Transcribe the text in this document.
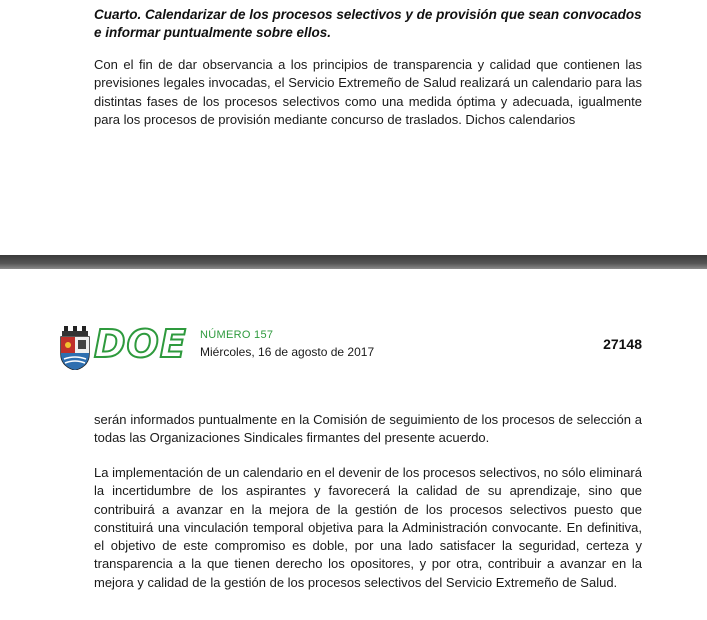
Cuarto. Calendarizar de los procesos selectivos y de provisión que sean convocados e informar puntualmente sobre ellos.

Con el fin de dar observancia a los principios de transparencia y calidad que contienen las previsiones legales invocadas, el Servicio Extremeño de Salud realizará un calendario para las distintas fases de los procesos selectivos como una medida óptima y adecuada, igualmente para los procesos de provisión mediante concurso de traslados. Dichos calendarios

DOE NÚMERO 157
Miércoles, 16 de agosto de 2017	27148

serán informados puntualmente en la Comisión de seguimiento de los procesos de selección a todas las Organizaciones Sindicales firmantes del presente acuerdo.

La implementación de un calendario en el devenir de los procesos selectivos, no sólo eliminará la incertidumbre de los aspirantes y favorecerá la calidad de su aprendizaje, sino que contribuirá a avanzar en la mejora de la gestión de los procesos selectivos puesto que constituirá una vinculación temporal objetiva para la Administración convocante. En definitiva, el objetivo de este compromiso es doble, por una lado satisfacer la seguridad, certeza y transparencia a la que tienen derecho los opositores, y por otra, contribuir a avanzar en la mejora y calidad de la gestión de los procesos selectivos del Servicio Extremeño de Salud.
